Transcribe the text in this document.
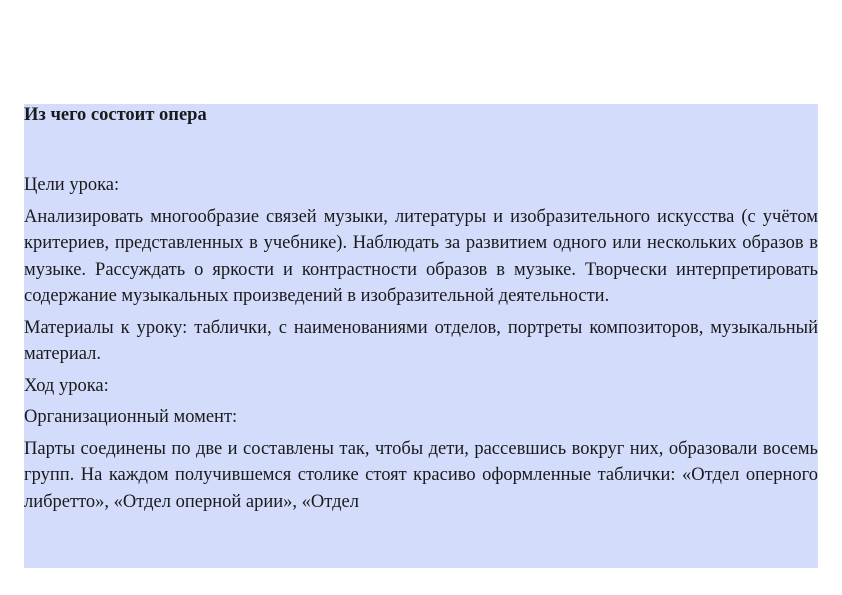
Из чего состоит опера

Цели урока:

Анализировать многообразие связей музыки, литературы и изобразительного искусства (с учётом критериев, представленных в учебнике). Наблюдать за развитием одного или нескольких образов в музыке. Рассуждать о яркости и контрастности образов в музыке. Творчески интерпретировать содержание музыкальных произведений в изобразительной деятельности.

Материалы к уроку: таблички, с наименованиями отделов, портреты композиторов, музыкальный материал.

Ход урока:

Организационный момент:

Парты соединены по две и составлены так, чтобы дети, рассевшись вокруг них, образовали восемь групп. На каждом получившемся столике стоят красиво оформленные таблички: «Отдел оперного либретто», «Отдел оперной арии», «Отдел
